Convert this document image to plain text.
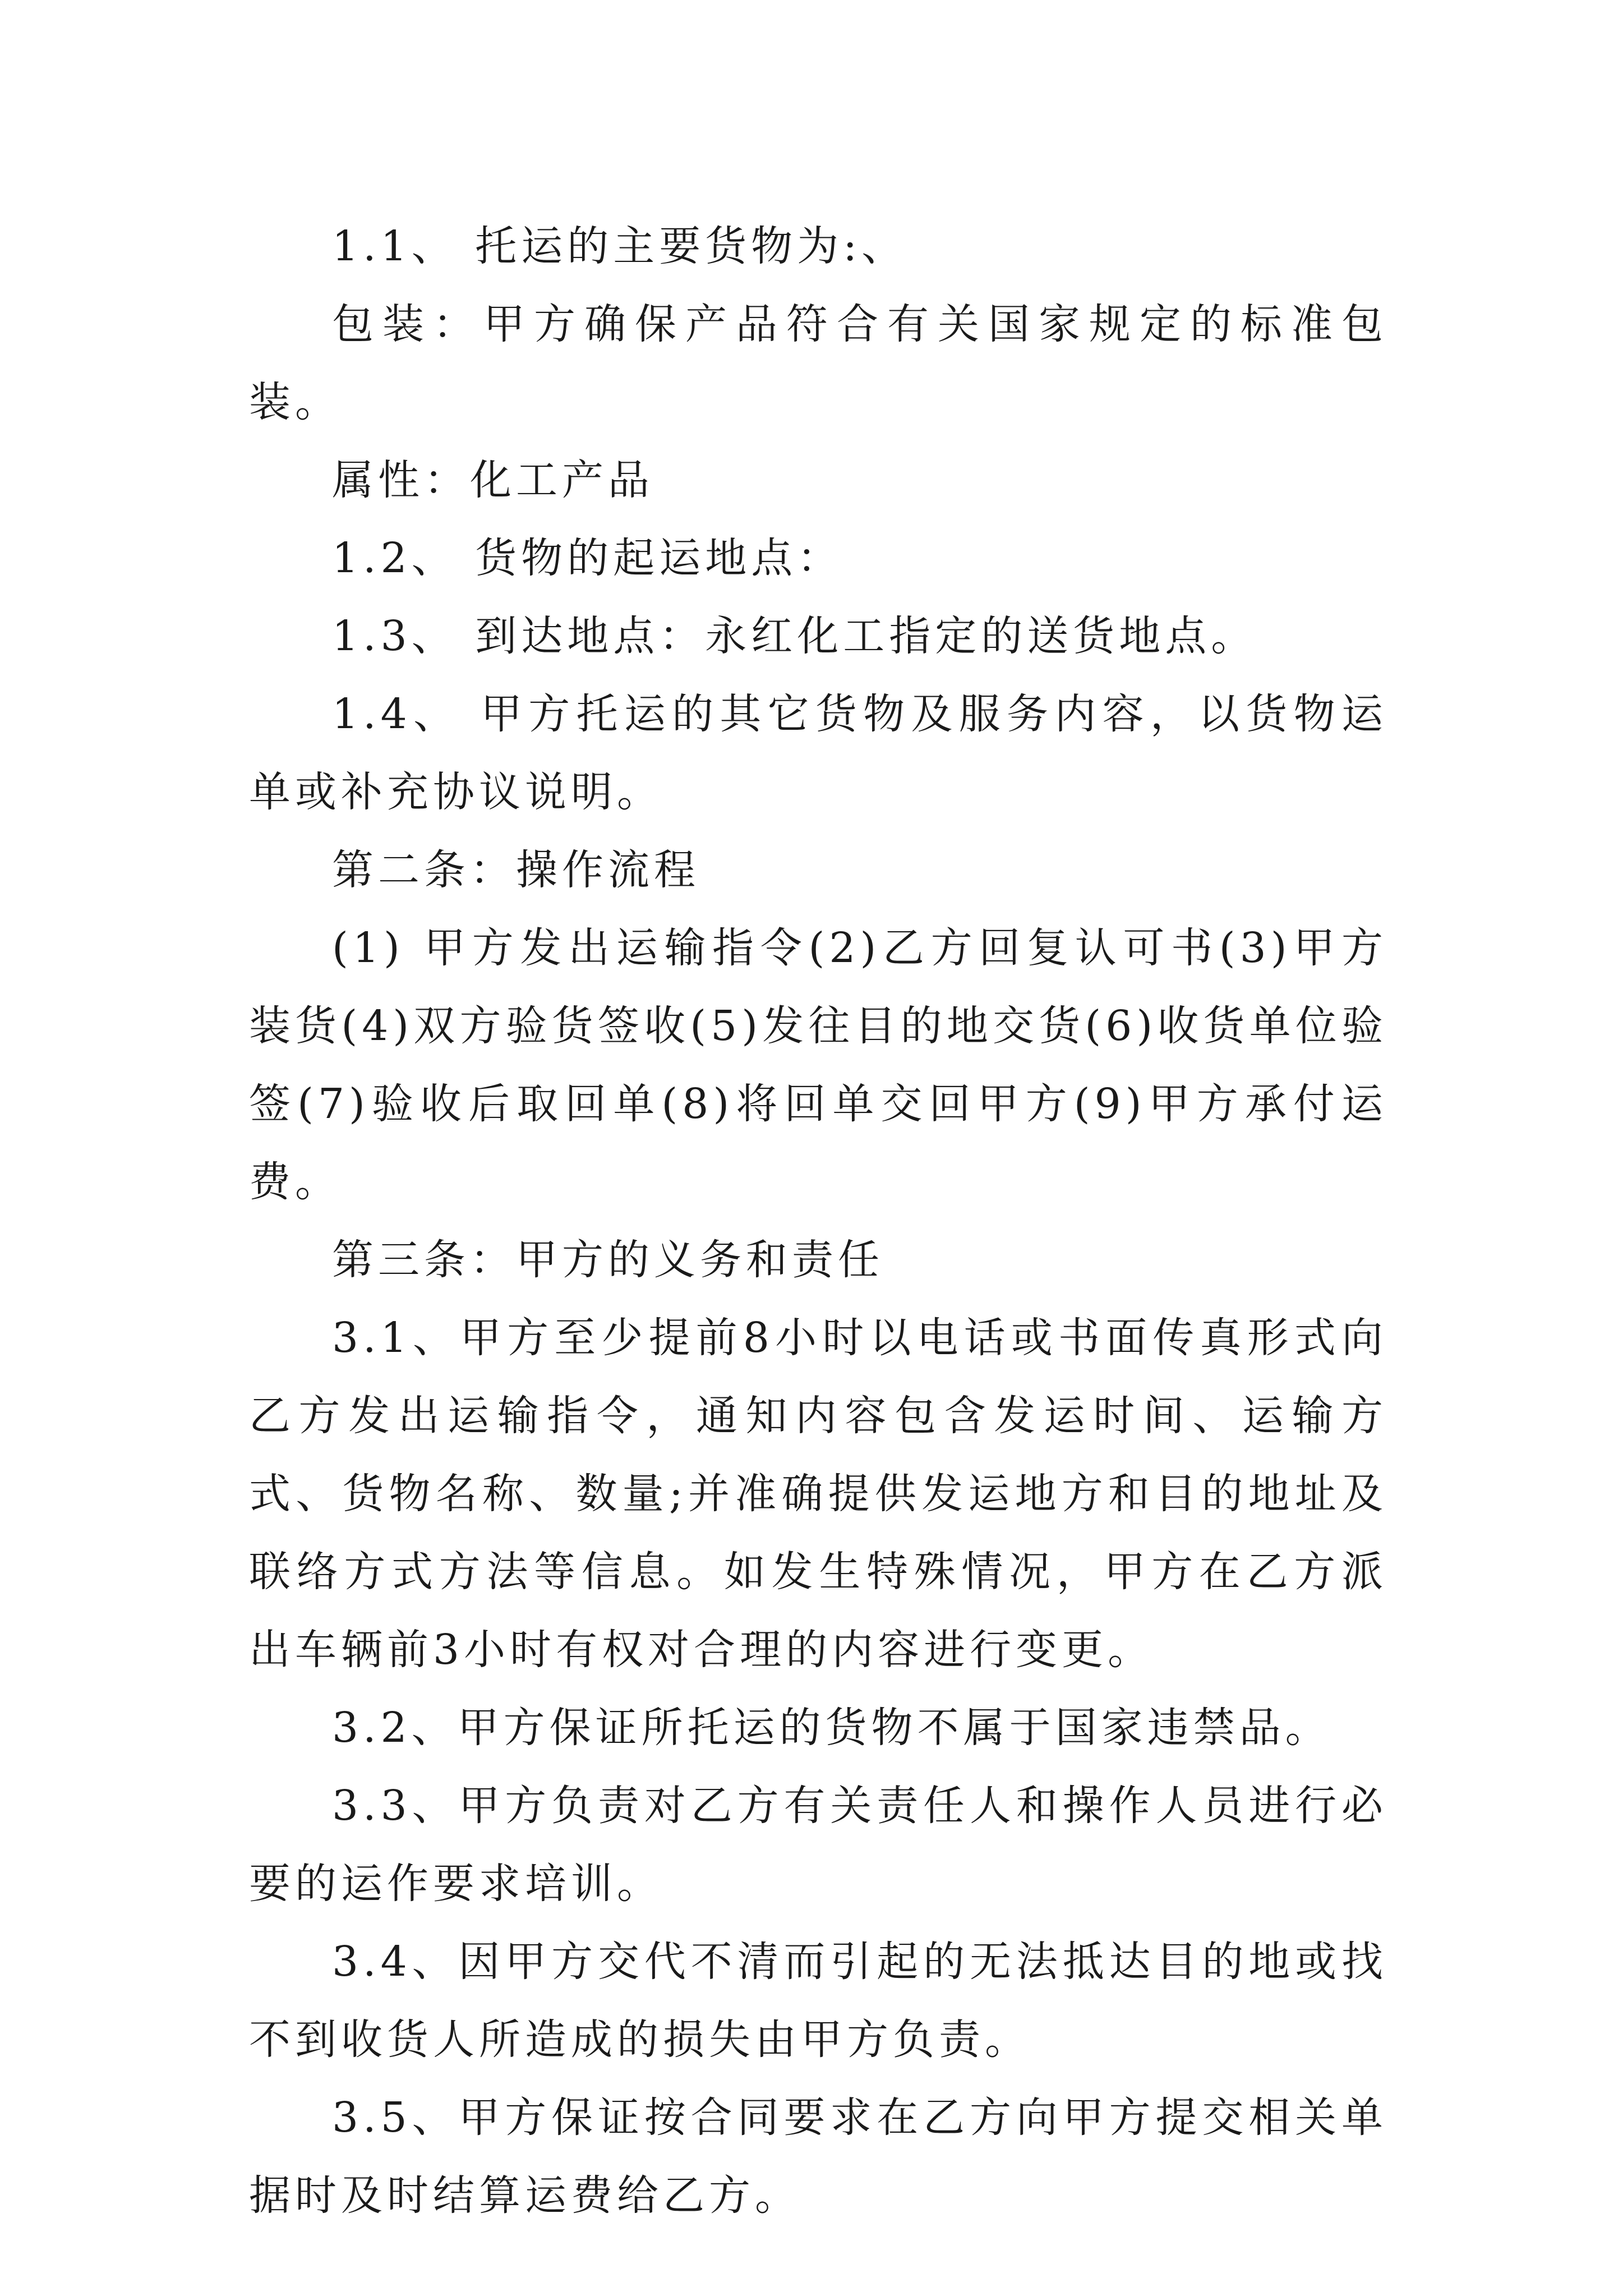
1.1、 托运的主要货物为:、

包装：甲方确保产品符合有关国家规定的标准包装。

属性：化工产品

1.2、 货物的起运地点：

1.3、 到达地点：永红化工指定的送货地点。

1.4、 甲方托运的其它货物及服务内容，以货物运单或补充协议说明。

第二条：操作流程

(1) 甲方发出运输指令(2)乙方回复认可书(3)甲方装货(4)双方验货签收(5)发往目的地交货(6)收货单位验签(7)验收后取回单(8)将回单交回甲方(9)甲方承付运费。

第三条：甲方的义务和责任

3.1、甲方至少提前8小时以电话或书面传真形式向乙方发出运输指令，通知内容包含发运时间、运输方式、货物名称、数量;并准确提供发运地方和目的地址及联络方式方法等信息。如发生特殊情况，甲方在乙方派出车辆前3小时有权对合理的内容进行变更。

3.2、甲方保证所托运的货物不属于国家违禁品。

3.3、甲方负责对乙方有关责任人和操作人员进行必要的运作要求培训。

3.4、因甲方交代不清而引起的无法抵达目的地或找不到收货人所造成的损失由甲方负责。

3.5、甲方保证按合同要求在乙方向甲方提交相关单据时及时结算运费给乙方。
